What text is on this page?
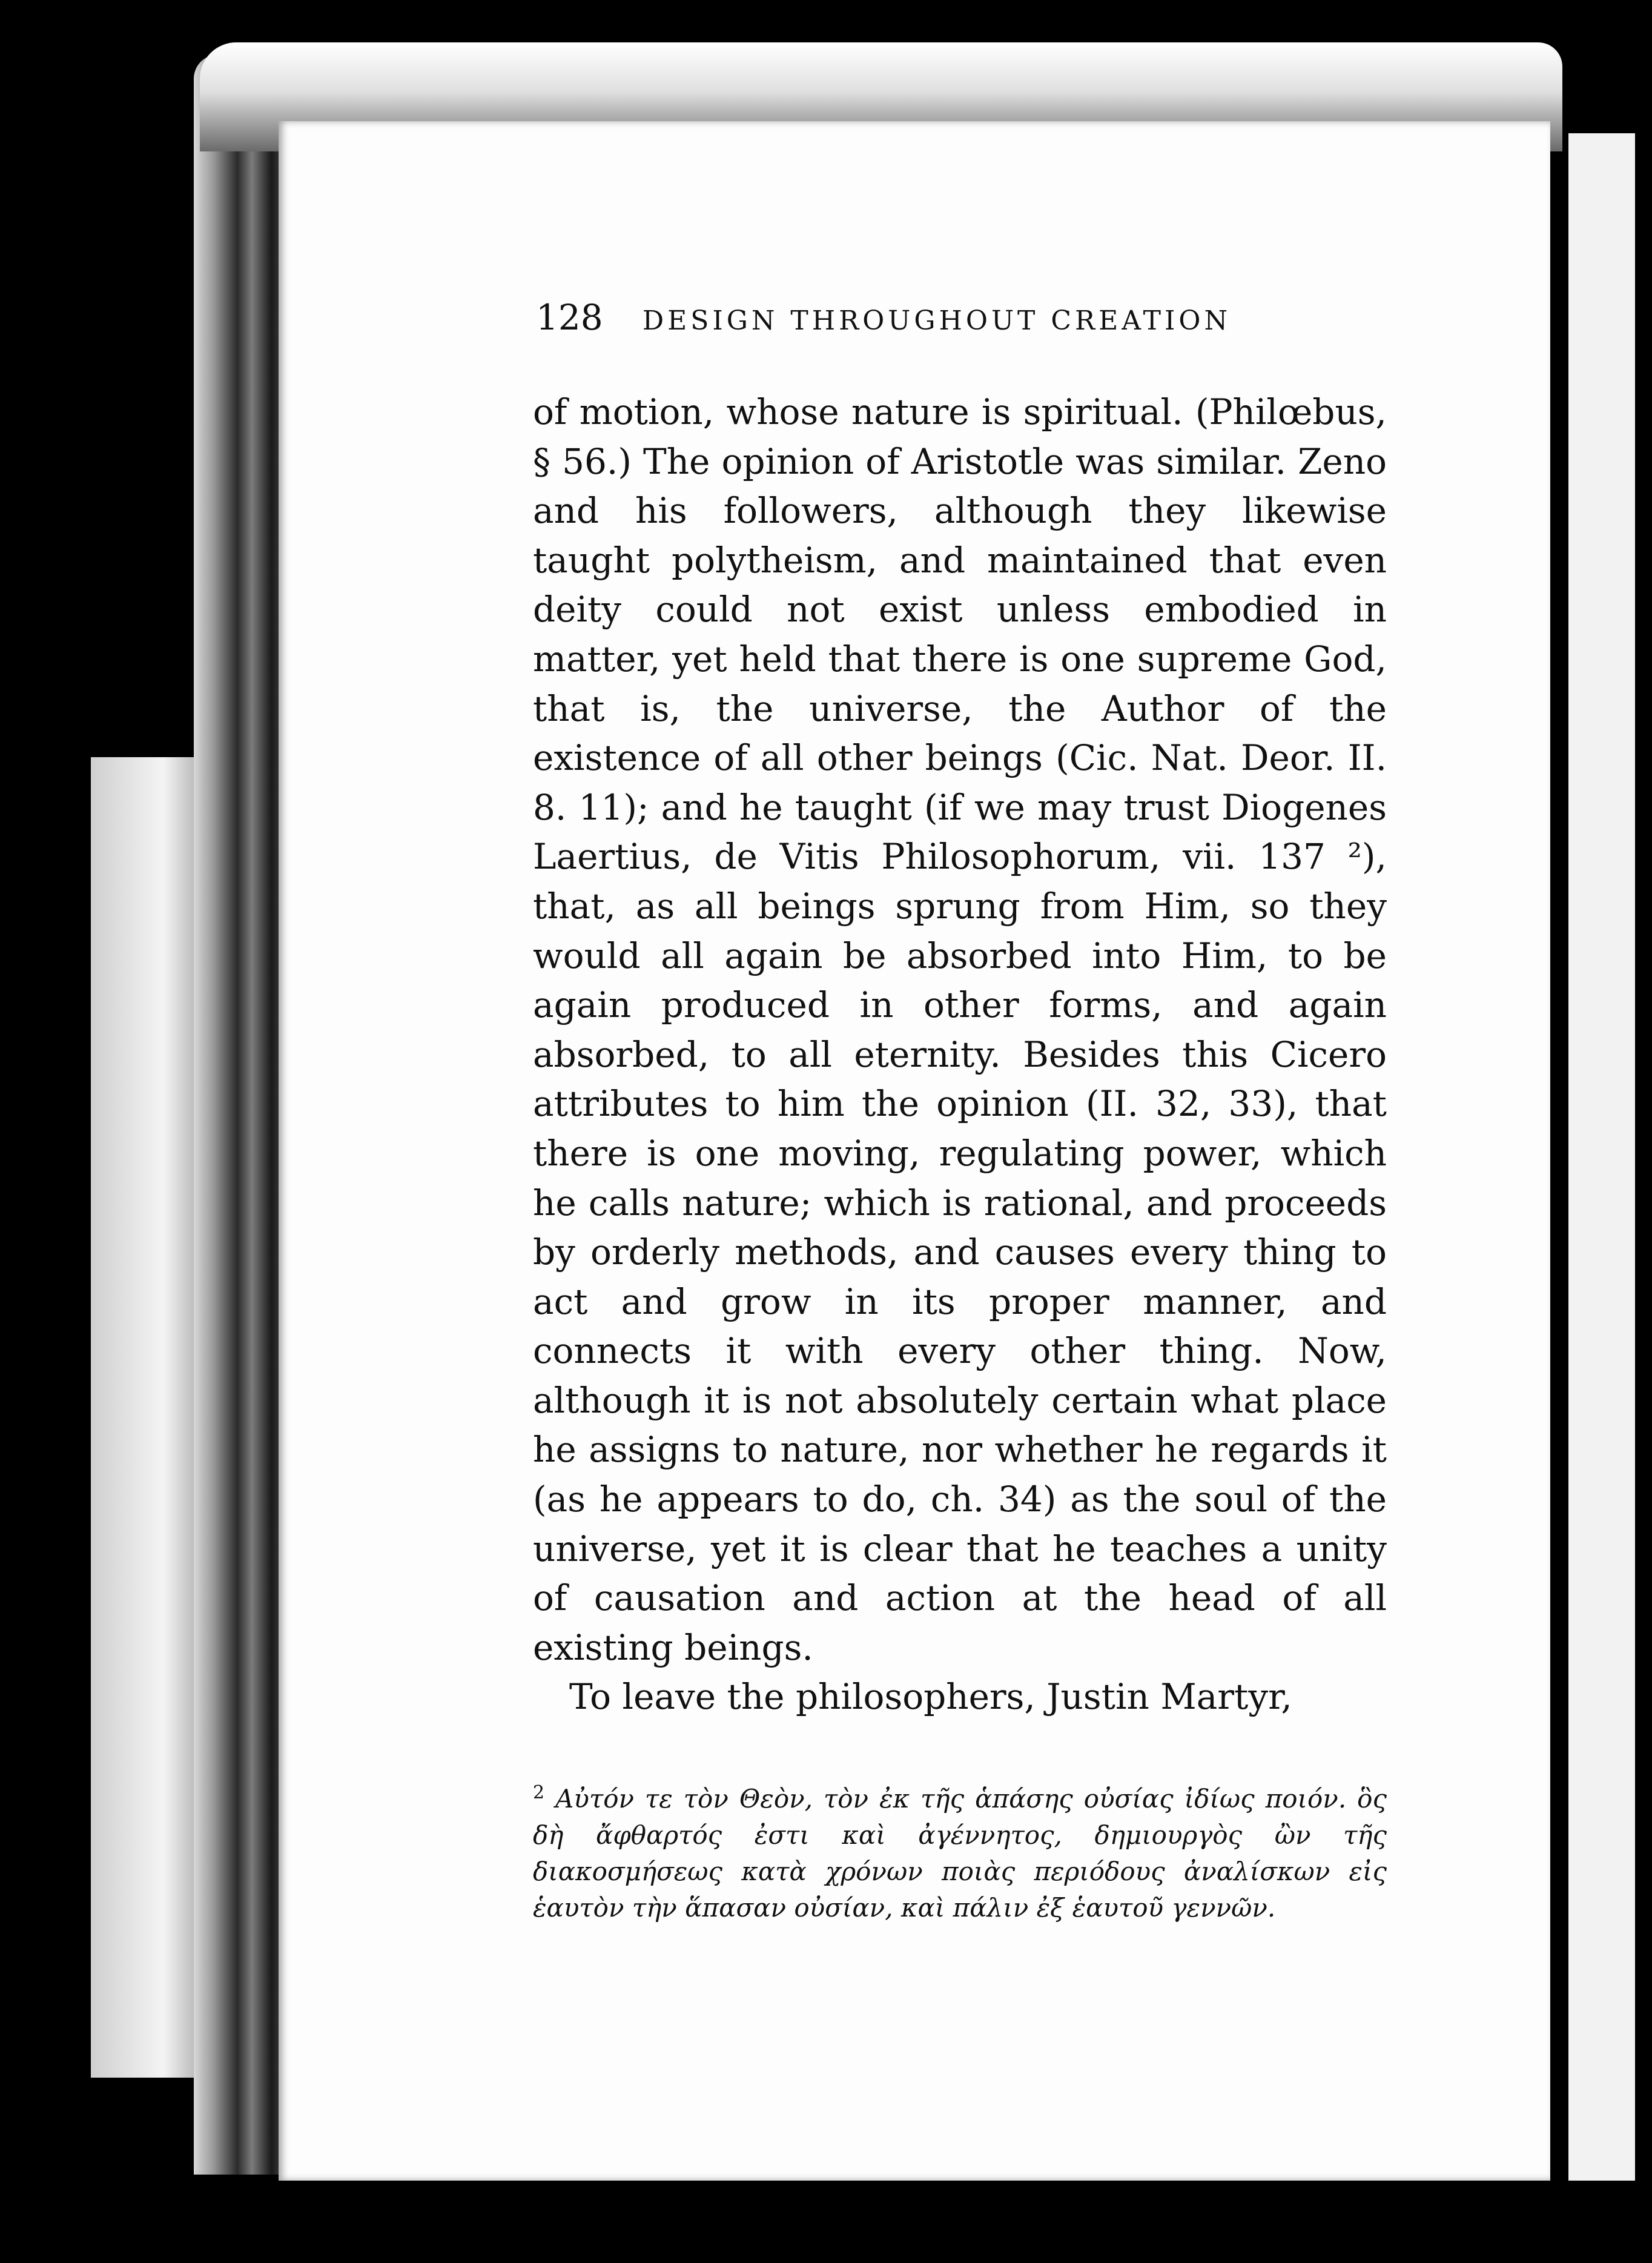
128 DESIGN THROUGHOUT CREATION

of motion, whose nature is spiritual. (Philœbus, § 56.) The opinion of Aristotle was similar. Zeno and his followers, although they likewise taught polytheism, and maintained that even deity could not exist unless embodied in matter, yet held that there is one supreme God, that is, the universe, the Author of the existence of all other beings (Cic. Nat. Deor. II. 8. 11); and he taught (if we may trust Diogenes Laertius, de Vitis Philosophorum, vii. 137 ²), that, as all beings sprung from Him, so they would all again be absorbed into Him, to be again produced in other forms, and again absorbed, to all eternity. Besides this Cicero attributes to him the opinion (II. 32, 33), that there is one moving, regulating power, which he calls nature; which is rational, and proceeds by orderly methods, and causes every thing to act and grow in its proper manner, and connects it with every other thing. Now, although it is not absolutely certain what place he assigns to nature, nor whether he regards it (as he appears to do, ch. 34) as the soul of the universe, yet it is clear that he teaches a unity of causation and action at the head of all existing beings.

To leave the philosophers, Justin Martyr,

$^2$ Αὐτόν τε τὸν Θεὸν, τὸν ἐκ τῆς ἁπάσης οὐσίας ἰδίως ποιόν. ὃς δὴ ἄφθαρτός ἐστι καὶ ἀγέννητος, δημιουργὸς ὢν τῆς διακοσμήσεως κατὰ χρόνων ποιὰς περιόδους ἀναλίσκων εἰς ἑαυτὸν τὴν ἅπασαν οὐσίαν, καὶ πάλιν ἐξ ἑαυτοῦ γεννῶν.
